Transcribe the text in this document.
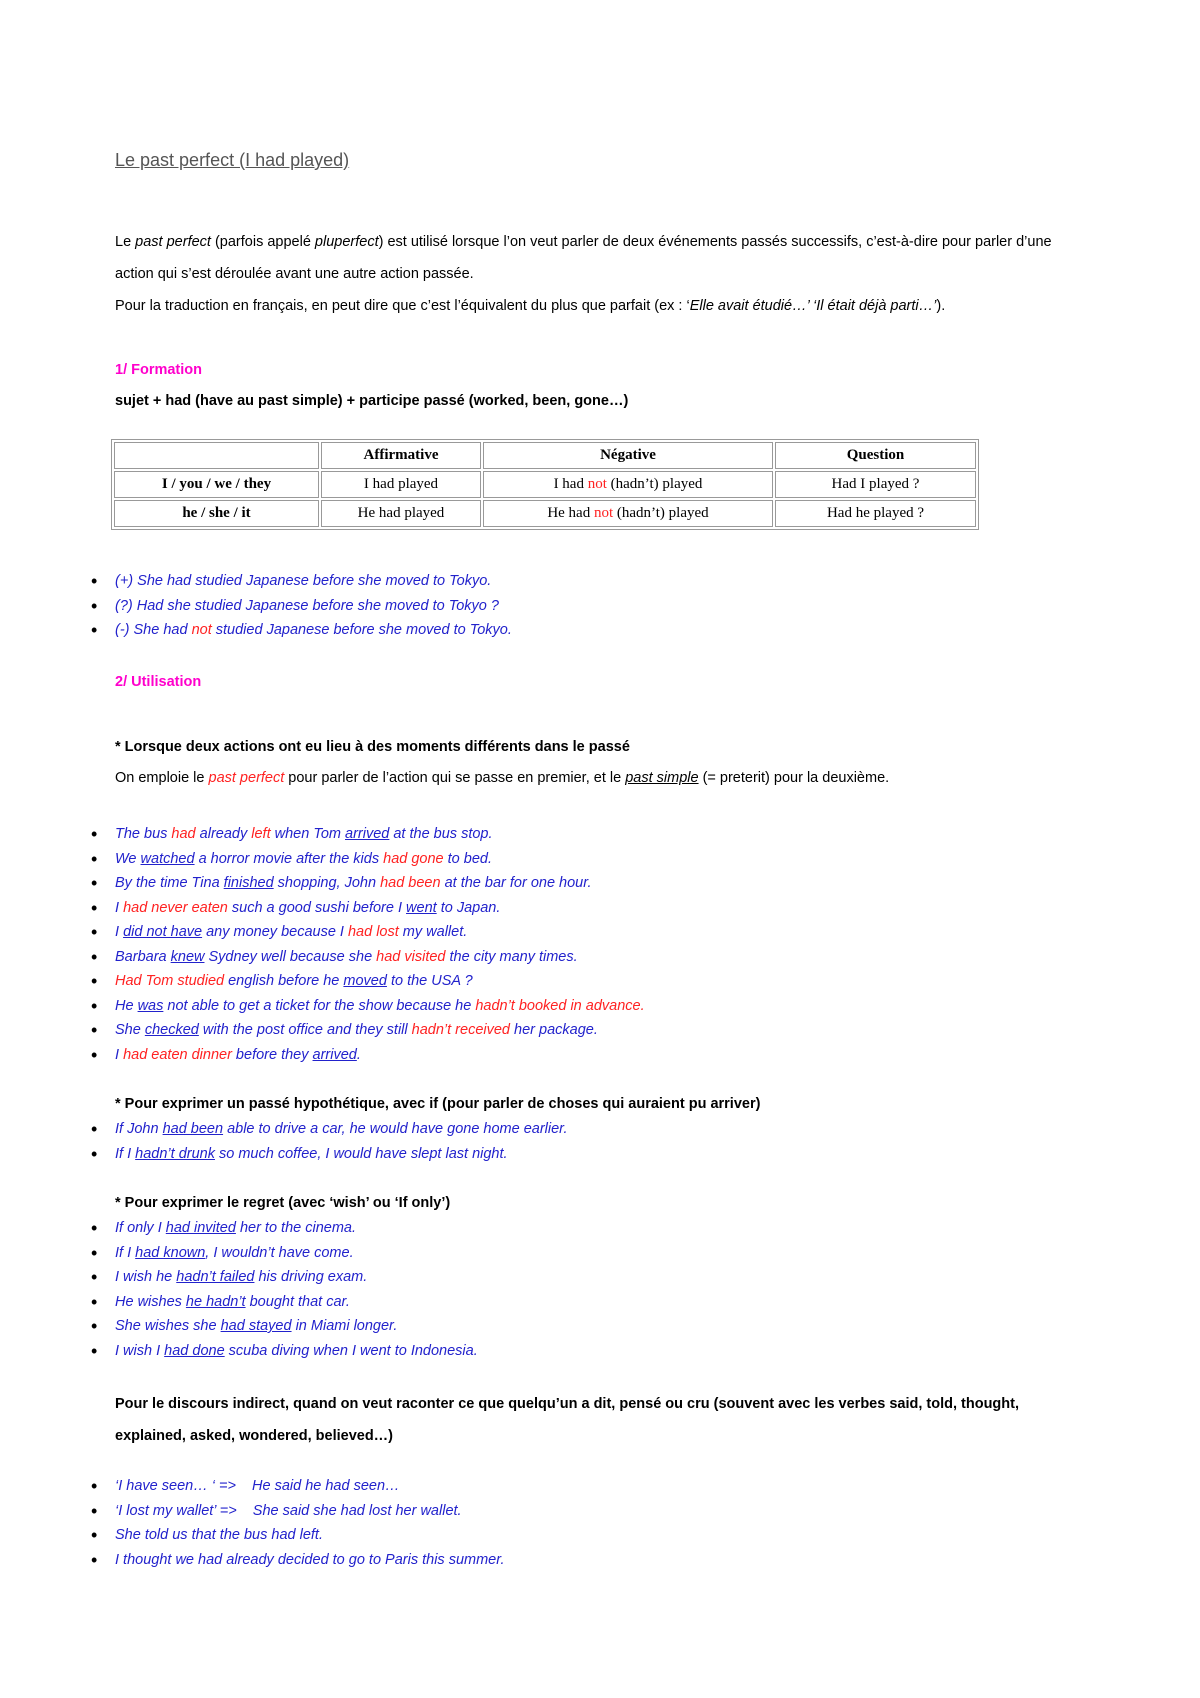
Le past perfect (I had played)

Le past perfect (parfois appelé pluperfect) est utilisé lorsque l’on veut parler de deux événements passés successifs, c’est-à-dire pour parler d’une action qui s’est déroulée avant une autre action passée.

Pour la traduction en français, en peut dire que c’est l’équivalent du plus que parfait (ex : ‘Elle avait étudié…’ ‘Il était déjà parti…’).

1/ Formation

sujet + had (have au past simple) + participe passé (worked, been, gone…)

	Affirmative	Négative	Question
I / you / we / they	I had played	I had not (hadn’t) played	Had I played ?
he / she / it	He had played	He had not (hadn’t) played	Had he played ?
• (+) She had studied Japanese before she moved to Tokyo.
• (?) Had she studied Japanese before she moved to Tokyo ?
• (-) She had not studied Japanese before she moved to Tokyo.
2/ Utilisation

* Lorsque deux actions ont eu lieu à des moments différents dans le passé

On emploie le past perfect pour parler de l’action qui se passe en premier, et le past simple (= preterit) pour la deuxième.

• The bus had already left when Tom arrived at the bus stop.
• We watched a horror movie after the kids had gone to bed.
• By the time Tina finished shopping, John had been at the bar for one hour.
• I had never eaten such a good sushi before I went to Japan.
• I did not have any money because I had lost my wallet.
• Barbara knew Sydney well because she had visited the city many times.
• Had Tom studied english before he moved to the USA ?
• He was not able to get a ticket for the show because he hadn’t booked in advance.
• She checked with the post office and they still hadn’t received her package.
• I had eaten dinner before they arrived.

* Pour exprimer un passé hypothétique, avec if (pour parler de choses qui auraient pu arriver)

• If John had been able to drive a car, he would have gone home earlier.
• If I hadn’t drunk so much coffee, I would have slept last night.

* Pour exprimer le regret (avec ‘wish’ ou ‘If only’)

• If only I had invited her to the cinema.
• If I had known, I wouldn’t have come.
• I wish he hadn’t failed his driving exam.
• He wishes he hadn’t bought that car.
• She wishes she had stayed in Miami longer.
• I wish I had done scuba diving when I went to Indonesia.

Pour le discours indirect, quand on veut raconter ce que quelqu’un a dit, pensé ou cru (souvent avec les verbes said, told, thought, explained, asked, wondered, believed…)

• ‘I have seen… ‘ =>    He said he had seen…
• ‘I lost my wallet’ =>    She said she had lost her wallet.
• She told us that the bus had left.
• I thought we had already decided to go to Paris this summer.
